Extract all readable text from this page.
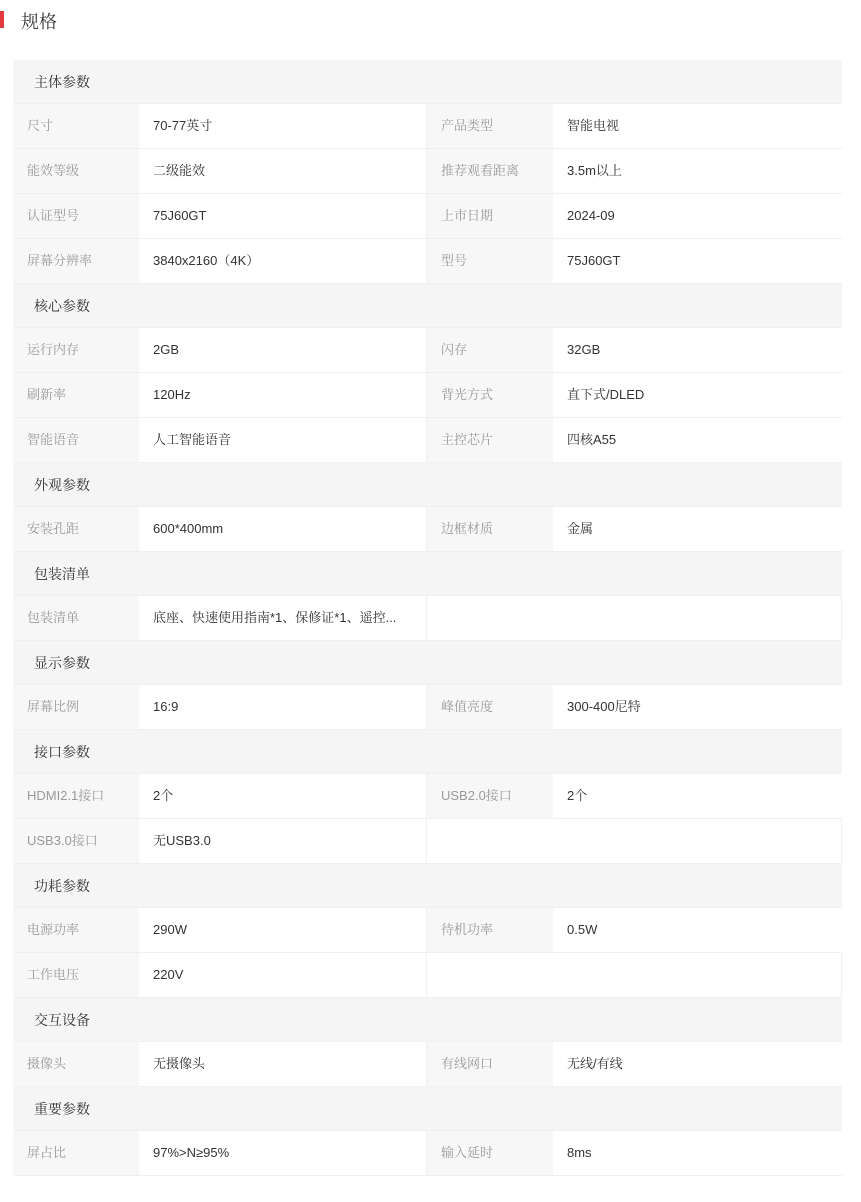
规格
主体参数
尺寸	70-77英寸	产品类型	智能电视
能效等级	二级能效	推荐观看距离	3.5m以上
认证型号	75J60GT	上市日期	2024-09
屏幕分辨率	3840x2160（4K）	型号	75J60GT
核心参数
运行内存	2GB	闪存	32GB
刷新率	120Hz	背光方式	直下式/DLED
智能语音	人工智能语音	主控芯片	四核A55
外观参数
安装孔距	600*400mm	边框材质	金属
包装清单
包装清单	底座、快速使用指南*1、保修证*1、遥控...
显示参数
屏幕比例	16:9	峰值亮度	300-400尼特
接口参数
HDMI2.1接口	2个	USB2.0接口	2个
USB3.0接口	无USB3.0
功耗参数
电源功率	290W	待机功率	0.5W
工作电压	220V
交互设备
摄像头	无摄像头	有线网口	无线/有线
重要参数
屏占比	97%>N≥95%	输入延时	8ms
